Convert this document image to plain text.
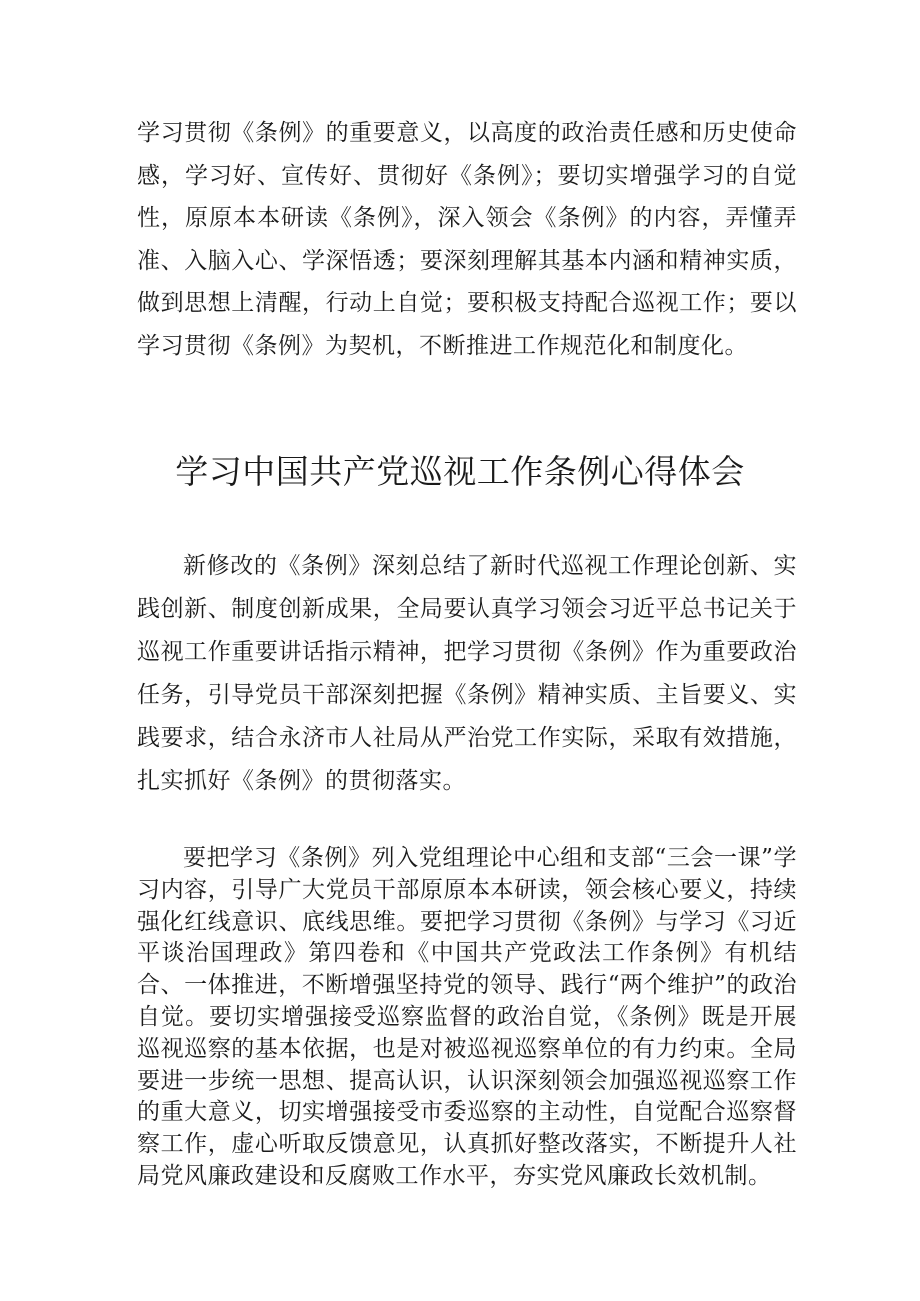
学习贯彻《条例》的重要意义，以高度的政治责任感和历史使命感，学习好、宣传好、贯彻好《条例》；要切实增强学习的自觉性，原原本本研读《条例》，深入领会《条例》的内容，弄懂弄准、入脑入心、学深悟透；要深刻理解其基本内涵和精神实质，做到思想上清醒，行动上自觉；要积极支持配合巡视工作；要以学习贯彻《条例》为契机，不断推进工作规范化和制度化。

学习中国共产党巡视工作条例心得体会

新修改的《条例》深刻总结了新时代巡视工作理论创新、实践创新、制度创新成果，全局要认真学习领会习近平总书记关于巡视工作重要讲话指示精神，把学习贯彻《条例》作为重要政治任务，引导党员干部深刻把握《条例》精神实质、主旨要义、实践要求，结合永济市人社局从严治党工作实际，采取有效措施，扎实抓好《条例》的贯彻落实。

要把学习《条例》列入党组理论中心组和支部“三会一课”学习内容，引导广大党员干部原原本本研读，领会核心要义，持续强化红线意识、底线思维。要把学习贯彻《条例》与学习《习近平谈治国理政》第四卷和《中国共产党政法工作条例》有机结合、一体推进，不断增强坚持党的领导、践行“两个维护”的政治自觉。要切实增强接受巡察监督的政治自觉，《条例》既是开展巡视巡察的基本依据，也是对被巡视巡察单位的有力约束。全局要进一步统一思想、提高认识，认识深刻领会加强巡视巡察工作的重大意义，切实增强接受市委巡察的主动性，自觉配合巡察督察工作，虚心听取反馈意见，认真抓好整改落实，不断提升人社局党风廉政建设和反腐败工作水平，夯实党风廉政长效机制。
